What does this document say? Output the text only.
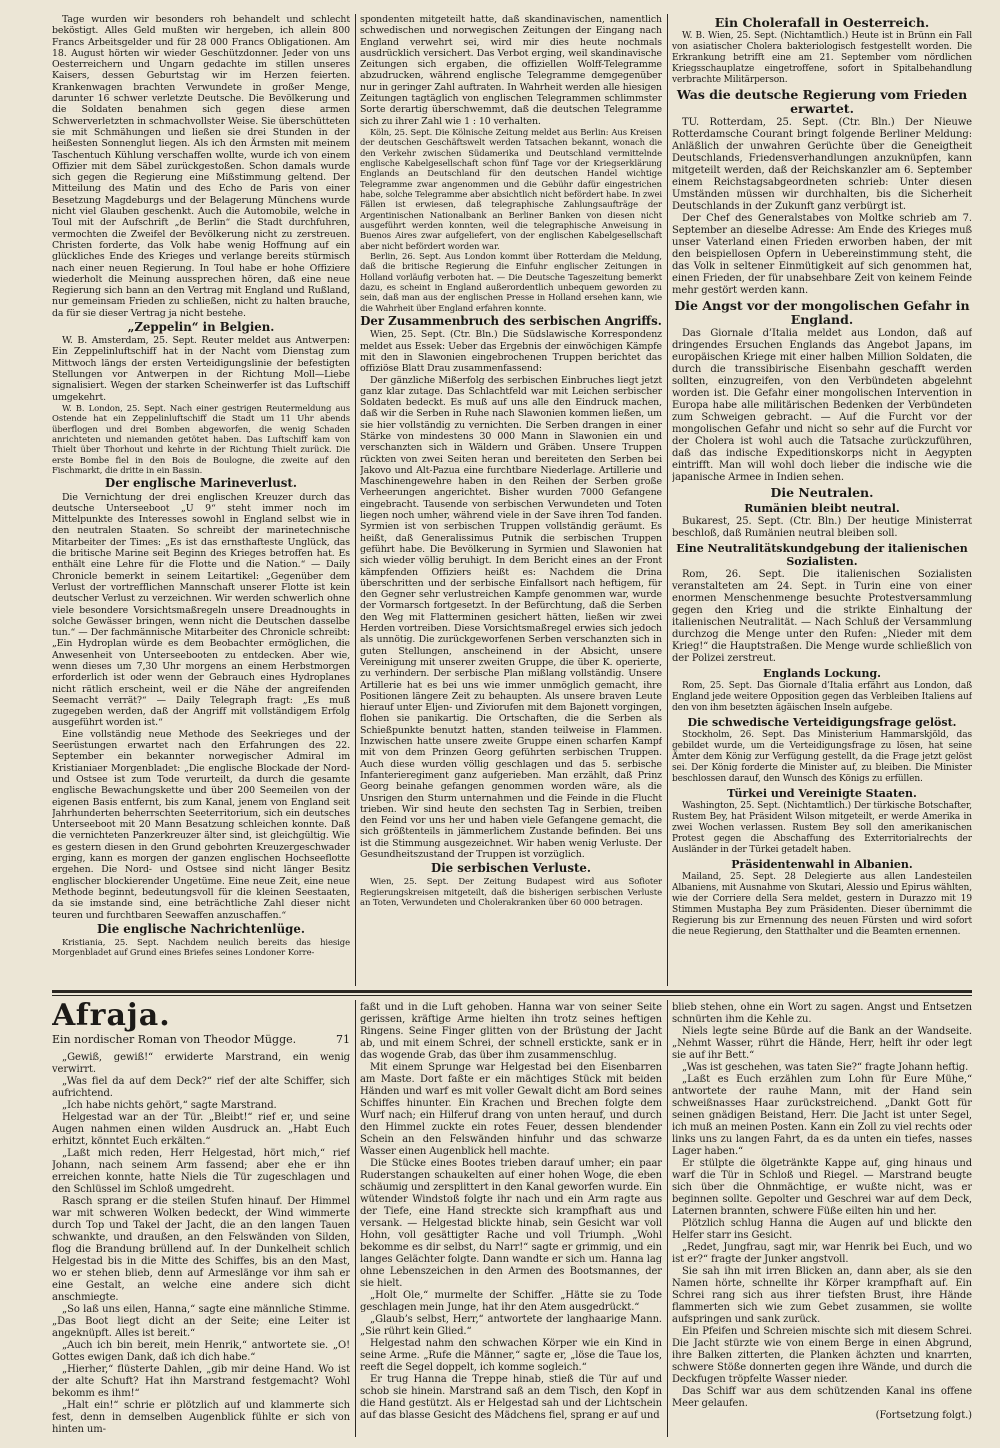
Tage wurden wir besonders roh behandelt und schlecht beköstigt. Alles Geld mußten wir hergeben, ich allein 800 Francs Arbeitsgelder und für 28 000 Francs Obligationen. Am 18. August hörten wir wieder Geschützdonner. Jeder von uns Oesterreichern und Ungarn gedachte im stillen unseres Kaisers, dessen Geburtstag wir im Herzen feierten. Krankenwagen brachten Verwundete in großer Menge, darunter 16 schwer verletzte Deutsche. Die Bevölkerung und die Soldaten benahmen sich gegen diese armen Schwerverletzten in schmachvollster Weise. Sie überschütteten sie mit Schmähungen und ließen sie drei Stunden in der heißesten Sonnenglut liegen. Als ich den Ärmsten mit meinem Taschentuch Kühlung verschaffen wollte, wurde ich von einem Offizier mit dem Säbel zurückgestoßen. Schon damals wurde sich gegen die Regierung eine Mißstimmung geltend. Der Mitteilung des Matin und des Echo de Paris von einer Besetzung Magdeburgs und der Belagerung Münchens wurde nicht viel Glauben geschenkt. Auch die Automobile, welche in Toul mit der Aufschrift „de Berlin“ die Stadt durchfuhren, vermochten die Zweifel der Bevölkerung nicht zu zerstreuen. Christen forderte, das Volk habe wenig Hoffnung auf ein glückliches Ende des Krieges und verlange bereits stürmisch nach einer neuen Regierung. In Toul habe er hohe Offiziere wiederholt die Meinung aussprechen hören, daß eine neue Regierung sich bann an den Vertrag mit England und Rußland, nur gemeinsam Frieden zu schließen, nicht zu halten brauche, da für sie dieser Vertrag ja nicht bestehe.

„Zeppelin“ in Belgien.

W. B. Amsterdam, 25. Sept. Reuter meldet aus Antwerpen: Ein Zeppelinluftschiff hat in der Nacht vom Dienstag zum Mittwoch längs der ersten Verteidigungslinie der befestigten Stellungen vor Antwerpen in der Richtung Moll—Liebe signalisiert. Wegen der starken Scheinwerfer ist das Luftschiff umgekehrt.

W. B. London, 25. Sept. Nach einer gestrigen Reutermeldung aus Ostende hat ein Zeppelinluftschiff die Stadt um 11 Uhr abends überflogen und drei Bomben abgeworfen, die wenig Schaden anrichteten und niemanden getötet haben. Das Luftschiff kam von Thielt über Thorhout und kehrte in der Richtung Thielt zurück. Die erste Bombe fiel in den Bois de Boulogne, die zweite auf den Fischmarkt, die dritte in ein Bassin.

Der englische Marineverlust.

Die Vernichtung der drei englischen Kreuzer durch das deutsche Unterseeboot „U 9“ steht immer noch im Mittelpunkte des Interesses sowohl in England selbst wie in den neutralen Staaten. So schreibt der marinetechnische Mitarbeiter der Times: „Es ist das ernsthafteste Unglück, das die britische Marine seit Beginn des Krieges betroffen hat. Es enthält eine Lehre für die Flotte und die Nation.“ — Daily Chronicle bemerkt in seinem Leitartikel: „Gegenüber dem Verlust der vortrefflichen Mannschaft unserer Flotte ist kein deutscher Verlust zu verzeichnen. Wir werden schwerlich ohne viele besondere Vorsichtsmaßregeln unsere Dreadnoughts in solche Gewässer bringen, wenn nicht die Deutschen dasselbe tun.“ — Der fachmännische Mitarbeiter des Chronicle schreibt: „Ein Hydroplan würde es dem Beobachter ermöglichen, die Anwesenheit von Unterseebooten zu entdecken. Aber wie, wenn dieses um 7,30 Uhr morgens an einem Herbstmorgen erforderlich ist oder wenn der Gebrauch eines Hydroplanes nicht rätlich erscheint, weil er die Nähe der angreifenden Seemacht verrät?“ — Daily Telegraph fragt: „Es muß zugegeben werden, daß der Angriff mit vollständigem Erfolg ausgeführt worden ist.“

Eine vollständig neue Methode des Seekrieges und der Seerüstungen erwartet nach den Erfahrungen des 22. September ein bekannter norwegischer Admiral im Kristianiaer Morgenbladet: „Die englische Blockade der Nord- und Ostsee ist zum Tode verurteilt, da durch die gesamte englische Bewachungskette und über 200 Seemeilen von der eigenen Basis entfernt, bis zum Kanal, jenem von England seit Jahrhunderten beherrschten Seeterritorium, sich ein deutsches Unterseeboot mit 20 Mann Besatzung schleichen konnte. Daß die vernichteten Panzerkreuzer älter sind, ist gleichgültig. Wie es gestern diesen in den Grund gebohrten Kreuzergeschwader erging, kann es morgen der ganzen englischen Hochseeflotte ergehen. Die Nord- und Ostsee sind nicht länger Besitz englischer blockierender Ungetüme. Eine neue Zeit, eine neue Methode beginnt, bedeutungsvoll für die kleinen Seestaaten, da sie imstande sind, eine beträchtliche Zahl dieser nicht teuren und furchtbaren Seewaffen anzuschaffen.“

Die englische Nachrichtenlüge.

Kristiania, 25. Sept. Nachdem neulich bereits das hiesige Morgenbladet auf Grund eines Briefes seines Londoner Korre-

spondenten mitgeteilt hatte, daß skandinavischen, namentlich schwedischen und norwegischen Zeitungen der Eingang nach England verwehrt sei, wird mir dies heute nochmals ausdrücklich versichert. Das Verbot erging, weil skandinavische Zeitungen sich ergaben, die offiziellen Wolff-Telegramme abzudrucken, während englische Telegramme demgegenüber nur in geringer Zahl auftraten. In Wahrheit werden alle hiesigen Zeitungen tagtäglich von englischen Telegrammen schlimmster Sorte derartig überschwemmt, daß die deutschen Telegramme sich zu ihrer Zahl wie 1 : 10 verhalten.

Köln, 25. Sept. Die Kölnische Zeitung meldet aus Berlin: Aus Kreisen der deutschen Geschäftswelt werden Tatsachen bekannt, wonach die den Verkehr zwischen Südamerika und Deutschland vermittelnde englische Kabelgesellschaft schon fünf Tage vor der Kriegserklärung Englands an Deutschland für den deutschen Handel wichtige Telegramme zwar angenommen und die Gebühr dafür eingestrichen habe, solche Telegramme aber absichtlich nicht befördert habe. In zwei Fällen ist erwiesen, daß telegraphische Zahlungsaufträge der Argentinischen Nationalbank an Berliner Banken von diesen nicht ausgeführt werden konnten, weil die telegraphische Anweisung in Buenos Aires zwar aufgeliefert, von der englischen Kabelgesellschaft aber nicht befördert worden war.

Berlin, 26. Sept. Aus London kommt über Rotterdam die Meldung, daß die britische Regierung die Einfuhr englischer Zeitungen in Holland vorläufig verboten hat. — Die Deutsche Tageszeitung bemerkt dazu, es scheint in England außerordentlich unbequem geworden zu sein, daß man aus der englischen Presse in Holland ersehen kann, wie die Wahrheit über England erfahren konnte.

Der Zusammenbruch des serbischen Angriffs.

Wien, 25. Sept. (Ctr. Bln.) Die Südslawische Korrespondenz meldet aus Essek: Ueber das Ergebnis der einwöchigen Kämpfe mit den in Slawonien eingebrochenen Truppen berichtet das offiziöse Blatt Drau zusammenfassend:

Der gänzliche Mißerfolg des serbischen Einbruches liegt jetzt ganz klar zutage. Das Schlachtfeld war mit Leichen serbischer Soldaten bedeckt. Es muß auf uns alle den Eindruck machen, daß wir die Serben in Ruhe nach Slawonien kommen ließen, um sie hier vollständig zu vernichten. Die Serben drangen in einer Stärke von mindestens 30 000 Mann in Slawonien ein und verschanzten sich in Wäldern und Gräben. Unsere Truppen rückten von zwei Seiten heran und bereiteten den Serben bei Jakovo und Alt-Pazua eine furchtbare Niederlage. Artillerie und Maschinengewehre haben in den Reihen der Serben große Verheerungen angerichtet. Bisher wurden 7000 Gefangene eingebracht. Tausende von serbischen Verwundeten und Toten liegen noch umher, während viele in der Save ihren Tod fanden. Syrmien ist von serbischen Truppen vollständig geräumt. Es heißt, daß Generalissimus Putnik die serbischen Truppen geführt habe. Die Bevölkerung in Syrmien und Slawonien hat sich wieder völlig beruhigt. In dem Bericht eines an der Front kämpfenden Offiziers heißt es: Nachdem die Drina überschritten und der serbische Einfallsort nach heftigem, für den Gegner sehr verlustreichen Kampfe genommen war, wurde der Vormarsch fortgesetzt. In der Befürchtung, daß die Serben den Weg mit Flatterminen gesichert hätten, ließen wir zwei Herden vortreiben. Diese Vorsichtsmaßregel erwies sich jedoch als unnötig. Die zurückgeworfenen Serben verschanzten sich in guten Stellungen, anscheinend in der Absicht, unsere Vereinigung mit unserer zweiten Gruppe, die über K. operierte, zu verhindern. Der serbische Plan mißlang vollständig. Unsere Artillerie hat es bei uns wie immer unmöglich gemacht, ihre Positionen längere Zeit zu behaupten. Als unsere braven Leute hierauf unter Eljen- und Ziviorufen mit dem Bajonett vorgingen, flohen sie panikartig. Die Ortschaften, die die Serben als Schießpunkte benutzt hatten, standen teilweise in Flammen. Inzwischen hatte unsere zweite Gruppe einen scharfen Kampf mit von dem Prinzen Georg geführten serbischen Truppen. Auch diese wurden völlig geschlagen und das 5. serbische Infanterieregiment ganz aufgerieben. Man erzählt, daß Prinz Georg beinahe gefangen genommen worden wäre, als die Unsrigen den Sturm unternahmen und die Feinde in die Flucht trieben. Wir sind heute den sechsten Tag in Serbien, treiben den Feind vor uns her und haben viele Gefangene gemacht, die sich größtenteils in jämmerlichem Zustande befinden. Bei uns ist die Stimmung ausgezeichnet. Wir haben wenig Verluste. Der Gesundheitszustand der Truppen ist vorzüglich.

Die serbischen Verluste.

Wien, 25. Sept. Der Zeitung Budapest wird aus Sofioter Regierungskreisen mitgeteilt, daß die bisherigen serbischen Verluste an Toten, Verwundeten und Cholerakranken über 60 000 betragen.

Ein Cholerafall in Oesterreich.

W. B. Wien, 25. Sept. (Nichtamtlich.) Heute ist in Brünn ein Fall von asiatischer Cholera bakteriologisch festgestellt worden. Die Erkrankung betrifft eine am 21. September vom nördlichen Kriegsschauplatze eingetroffene, sofort in Spitalbehandlung verbrachte Militärperson.

Was die deutsche Regierung vom Frieden erwartet.

TU. Rotterdam, 25. Sept. (Ctr. Bln.) Der Nieuwe Rotterdamsche Courant bringt folgende Berliner Meldung: Anläßlich der unwahren Gerüchte über die Geneigtheit Deutschlands, Friedensverhandlungen anzuknüpfen, kann mitgeteilt werden, daß der Reichskanzler am 6. September einem Reichstagsabgeordneten schrieb: Unter diesen Umständen müssen wir durchhalten, bis die Sicherheit Deutschlands in der Zukunft ganz verbürgt ist.

Der Chef des Generalstabes von Moltke schrieb am 7. September an dieselbe Adresse: Am Ende des Krieges muß unser Vaterland einen Frieden erworben haben, der mit den beispiellosen Opfern in Uebereinstimmung steht, die das Volk in seltener Einmütigkeit auf sich genommen hat, einen Frieden, der für unabsehbare Zeit von keinem Feinde mehr gestört werden kann.

Die Angst vor der mongolischen Gefahr in England.

Das Giornale d’Italia meldet aus London, daß auf dringendes Ersuchen Englands das Angebot Japans, im europäischen Kriege mit einer halben Million Soldaten, die durch die transsibirische Eisenbahn geschafft werden sollten, einzugreifen, von den Verbündeten abgelehnt worden ist. Die Gefahr einer mongolischen Intervention in Europa habe alle militärischen Bedenken der Verbündeten zum Schweigen gebracht. — Auf die Furcht vor der mongolischen Gefahr und nicht so sehr auf die Furcht vor der Cholera ist wohl auch die Tatsache zurückzuführen, daß das indische Expeditionskorps nicht in Aegypten eintrifft. Man will wohl doch lieber die indische wie die japanische Armee in Indien sehen.

Die Neutralen.
Rumänien bleibt neutral.

Bukarest, 25. Sept. (Ctr. Bln.) Der heutige Ministerrat beschloß, daß Rumänien neutral bleiben soll.

Eine Neutralitätskundgebung der italienischen Sozialisten.

Rom, 26. Sept. Die italienischen Sozialisten veranstalteten am 24. Sept. in Turin eine von einer enormen Menschenmenge besuchte Protestversammlung gegen den Krieg und die strikte Einhaltung der italienischen Neutralität. — Nach Schluß der Versammlung durchzog die Menge unter den Rufen: „Nieder mit dem Krieg!“ die Hauptstraßen. Die Menge wurde schließlich von der Polizei zerstreut.

Englands Lockung.

Rom, 25. Sept. Das Giornale d’Italia erfährt aus London, daß England jede weitere Opposition gegen das Verbleiben Italiens auf den von ihm besetzten ägäischen Inseln aufgebe.

Die schwedische Verteidigungsfrage gelöst.

Stockholm, 26. Sept. Das Ministerium Hammarskjöld, das gebildet wurde, um die Verteidigungsfrage zu lösen, hat seine Ämter dem König zur Verfügung gestellt, da die Frage jetzt gelöst sei. Der König forderte die Minister auf, zu bleiben. Die Minister beschlossen darauf, den Wunsch des Königs zu erfüllen.

Türkei und Vereinigte Staaten.

Washington, 25. Sept. (Nichtamtlich.) Der türkische Botschafter, Rustem Bey, hat Präsident Wilson mitgeteilt, er werde Amerika in zwei Wochen verlassen. Rustem Bey soll den amerikanischen Protest gegen die Abschaffung des Exterritorialrechts der Ausländer in der Türkei getadelt haben.

Präsidentenwahl in Albanien.

Mailand, 25. Sept. 28 Delegierte aus allen Landesteilen Albaniens, mit Ausnahme von Skutari, Alessio und Epirus wählten, wie der Corriere della Sera meldet, gestern in Durazzo mit 19 Stimmen Mustapha Bey zum Präsidenten. Dieser übernimmt die Regierung bis zur Ernennung des neuen Fürsten und wird sofort die neue Regierung, den Statthalter und die Beamten ernennen.

Afraja.
Ein nordischer Roman von Theodor Mügge.	71

„Gewiß, gewiß!“ erwiderte Marstrand, ein wenig verwirrt.

„Was fiel da auf dem Deck?“ rief der alte Schiffer, sich aufrichtend.

„Ich habe nichts gehört,“ sagte Marstrand.

Helgestad war an der Tür. „Bleibt!“ rief er, und seine Augen nahmen einen wilden Ausdruck an. „Habt Euch erhitzt, könntet Euch erkälten.“

„Laßt mich reden, Herr Helgestad, hört mich,“ rief Johann, nach seinem Arm fassend; aber ehe er ihn erreichen konnte, hatte Niels die Tür zugeschlagen und den Schlüssel im Schloß umgedreht.

Rasch sprang er die steilen Stufen hinauf. Der Himmel war mit schweren Wolken bedeckt, der Wind wimmerte durch Top und Takel der Jacht, die an den langen Tauen schwankte, und draußen, an den Felswänden von Silden, flog die Brandung brüllend auf. In der Dunkelheit schlich Helgestad bis in die Mitte des Schiffes, bis an den Mast, wo er stehen blieb, denn auf Armeslänge vor ihm sah er eine Gestalt, an welche eine andere sich dicht anschmiegte.

„So laß uns eilen, Hanna,“ sagte eine männliche Stimme. „Das Boot liegt dicht an der Seite; eine Leiter ist angeknüpft. Alles ist bereit.“

„Auch ich bin bereit, mein Henrik,“ antwortete sie. „O! Gottes ewigen Dank, daß ich dich habe.“

„Hierher,“ flüsterte Dahlen, „gib mir deine Hand. Wo ist der alte Schuft? Hat ihn Marstrand festgemacht? Wohl bekomm es ihm!“

„Halt ein!“ schrie er plötzlich auf und klammerte sich fest, denn in demselben Augenblick fühlte er sich von hinten um-

faßt und in die Luft gehoben. Hanna war von seiner Seite gerissen, kräftige Arme hielten ihn trotz seines heftigen Ringens. Seine Finger glitten von der Brüstung der Jacht ab, und mit einem Schrei, der schnell erstickte, sank er in das wogende Grab, das über ihm zusammenschlug.

Mit einem Sprunge war Helgestad bei den Eisenbarren am Maste. Dort faßte er ein mächtiges Stück mit beiden Händen und warf es mit voller Gewalt dicht am Bord seines Schiffes hinunter. Ein Krachen und Brechen folgte dem Wurf nach; ein Hilferuf drang von unten herauf, und durch den Himmel zuckte ein rotes Feuer, dessen blendender Schein an den Felswänden hinfuhr und das schwarze Wasser einen Augenblick hell machte.

Die Stücke eines Bootes trieben darauf umher; ein paar Ruderstangen schaukelten auf einer hohen Woge, die eben schäumig und zersplittert in den Kanal geworfen wurde. Ein wütender Windstoß folgte ihr nach und ein Arm ragte aus der Tiefe, eine Hand streckte sich krampfhaft aus und versank. — Helgestad blickte hinab, sein Gesicht war voll Hohn, voll gesättigter Rache und voll Triumph. „Wohl bekomme es dir selbst, du Narr!“ sagte er grimmig, und ein langes Gelächter folgte. Dann wandte er sich um. Hanna lag ohne Lebenszeichen in den Armen des Bootsmannes, der sie hielt.

„Holt Ole,“ murmelte der Schiffer. „Hätte sie zu Tode geschlagen mein Junge, hat ihr den Atem ausgedrückt.“

„Glaub’s selbst, Herr,“ antwortete der langhaarige Mann. „Sie rührt kein Glied.“

Helgestad nahm den schwachen Körper wie ein Kind in seine Arme. „Rufe die Männer,“ sagte er, „löse die Taue los, reeft die Segel doppelt, ich komme sogleich.“

Er trug Hanna die Treppe hinab, stieß die Tür auf und schob sie hinein. Marstrand saß an dem Tisch, den Kopf in die Hand gestützt. Als er Helgestad sah und der Lichtschein auf das blasse Gesicht des Mädchens fiel, sprang er auf und

blieb stehen, ohne ein Wort zu sagen. Angst und Entsetzen schnürten ihm die Kehle zu.

Niels legte seine Bürde auf die Bank an der Wandseite. „Nehmt Wasser, rührt die Hände, Herr, helft ihr oder legt sie auf ihr Bett.“

„Was ist geschehen, was taten Sie?“ fragte Johann heftig.

„Laßt es Euch erzählen zum Lohn für Eure Mühe,“ antwortete der rauhe Mann, mit der Hand sein schweißnasses Haar zurückstreichend. „Dankt Gott für seinen gnädigen Beistand, Herr. Die Jacht ist unter Segel, ich muß an meinen Posten. Kann ein Zoll zu viel rechts oder links uns zu langen Fahrt, da es da unten ein tiefes, nasses Lager haben.“

Er stülpte die ölgetränkte Kappe auf, ging hinaus und warf die Tür in Schloß und Riegel. — Marstrand beugte sich über die Ohnmächtige, er wußte nicht, was er beginnen sollte. Gepolter und Geschrei war auf dem Deck, Laternen brannten, schwere Füße eilten hin und her.

Plötzlich schlug Hanna die Augen auf und blickte den Helfer starr ins Gesicht.

„Redet, Jungfrau, sagt mir, war Henrik bei Euch, und wo ist er?“ fragte der Junker angstvoll.

Sie sah ihn mit irren Blicken an, dann aber, als sie den Namen hörte, schnellte ihr Körper krampfhaft auf. Ein Schrei rang sich aus ihrer tiefsten Brust, ihre Hände flammerten sich wie zum Gebet zusammen, sie wollte aufspringen und sank zurück.

Ein Pfeifen und Schreien mischte sich mit diesem Schrei. Die Jacht stürzte wie von einem Berge in einen Abgrund, ihre Balken zitterten, die Planken ächzten und knarrten, schwere Stöße donnerten gegen ihre Wände, und durch die Deckfugen tröpfelte Wasser nieder.

Das Schiff war aus dem schützenden Kanal ins offene Meer gelaufen.

(Fortsetzung folgt.)
